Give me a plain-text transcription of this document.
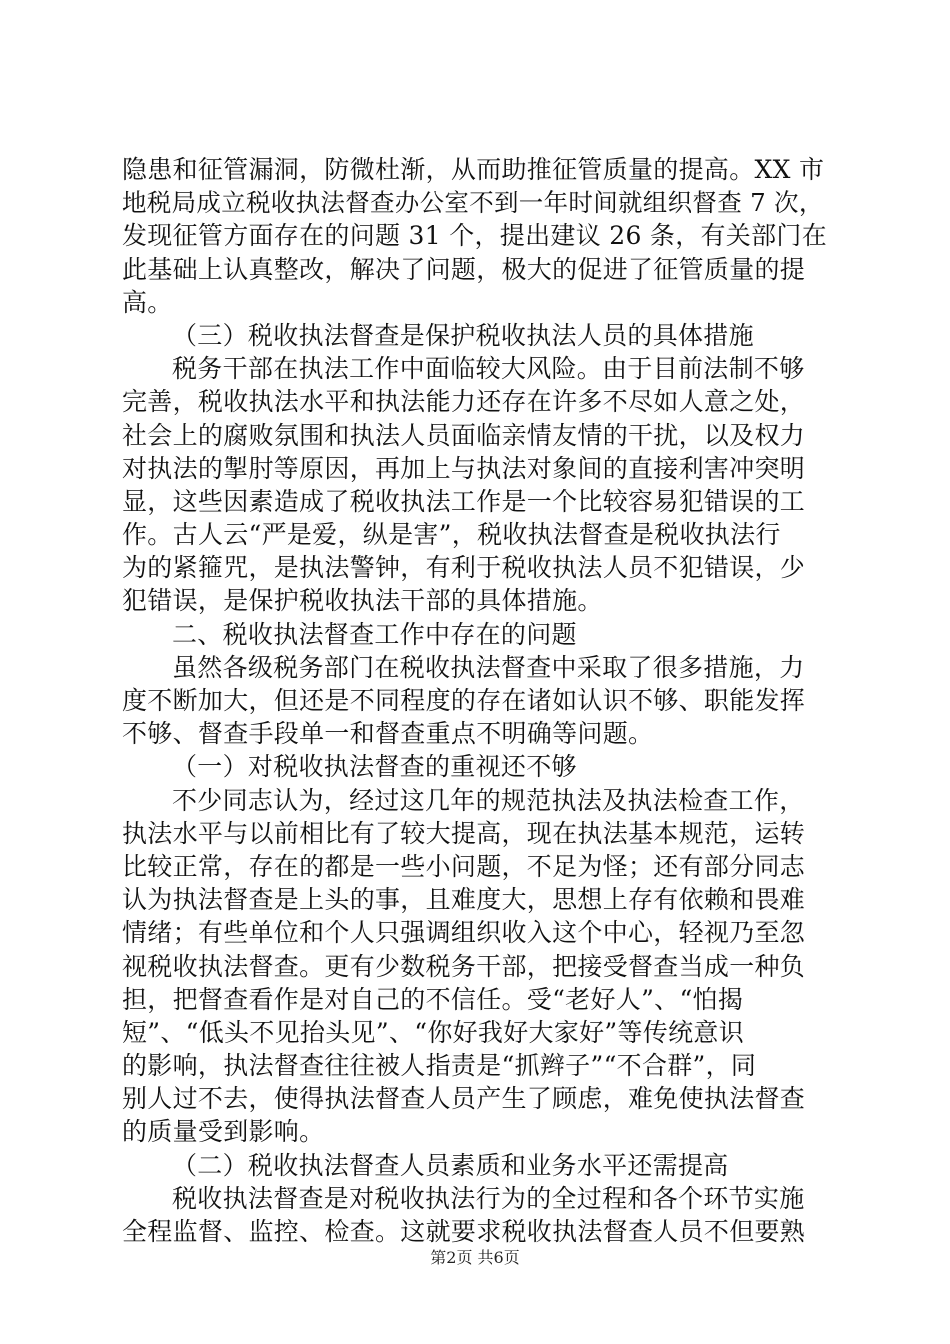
隐患和征管漏洞，防微杜渐，从而助推征管质量的提高。XX 市
地税局成立税收执法督查办公室不到一年时间就组织督查 7 次，
发现征管方面存在的问题 31 个，提出建议 26 条，有关部门在
此基础上认真整改，解决了问题，极大的促进了征管质量的提
高。
（三）税收执法督查是保护税收执法人员的具体措施
税务干部在执法工作中面临较大风险。由于目前法制不够
完善，税收执法水平和执法能力还存在许多不尽如人意之处，
社会上的腐败氛围和执法人员面临亲情友情的干扰，以及权力
对执法的掣肘等原因，再加上与执法对象间的直接利害冲突明
显，这些因素造成了税收执法工作是一个比较容易犯错误的工
作。古人云“严是爱，纵是害”，税收执法督查是税收执法行
为的紧箍咒，是执法警钟，有利于税收执法人员不犯错误，少
犯错误，是保护税收执法干部的具体措施。
二、税收执法督查工作中存在的问题
虽然各级税务部门在税收执法督查中采取了很多措施，力
度不断加大，但还是不同程度的存在诸如认识不够、职能发挥
不够、督查手段单一和督查重点不明确等问题。
（一）对税收执法督查的重视还不够
不少同志认为，经过这几年的规范执法及执法检查工作，
执法水平与以前相比有了较大提高，现在执法基本规范，运转
比较正常，存在的都是一些小问题，不足为怪；还有部分同志
认为执法督查是上头的事，且难度大，思想上存有依赖和畏难
情绪；有些单位和个人只强调组织收入这个中心，轻视乃至忽
视税收执法督查。更有少数税务干部，把接受督查当成一种负
担，把督查看作是对自己的不信任。受“老好人”、“怕揭
短”、“低头不见抬头见”、“你好我好大家好”等传统意识
的影响，执法督查往往被人指责是“抓辫子”“不合群”，同
别人过不去，使得执法督查人员产生了顾虑，难免使执法督查
的质量受到影响。
（二）税收执法督查人员素质和业务水平还需提高
税收执法督查是对税收执法行为的全过程和各个环节实施
全程监督、监控、检查。这就要求税收执法督查人员不但要熟
第2页 共6页
